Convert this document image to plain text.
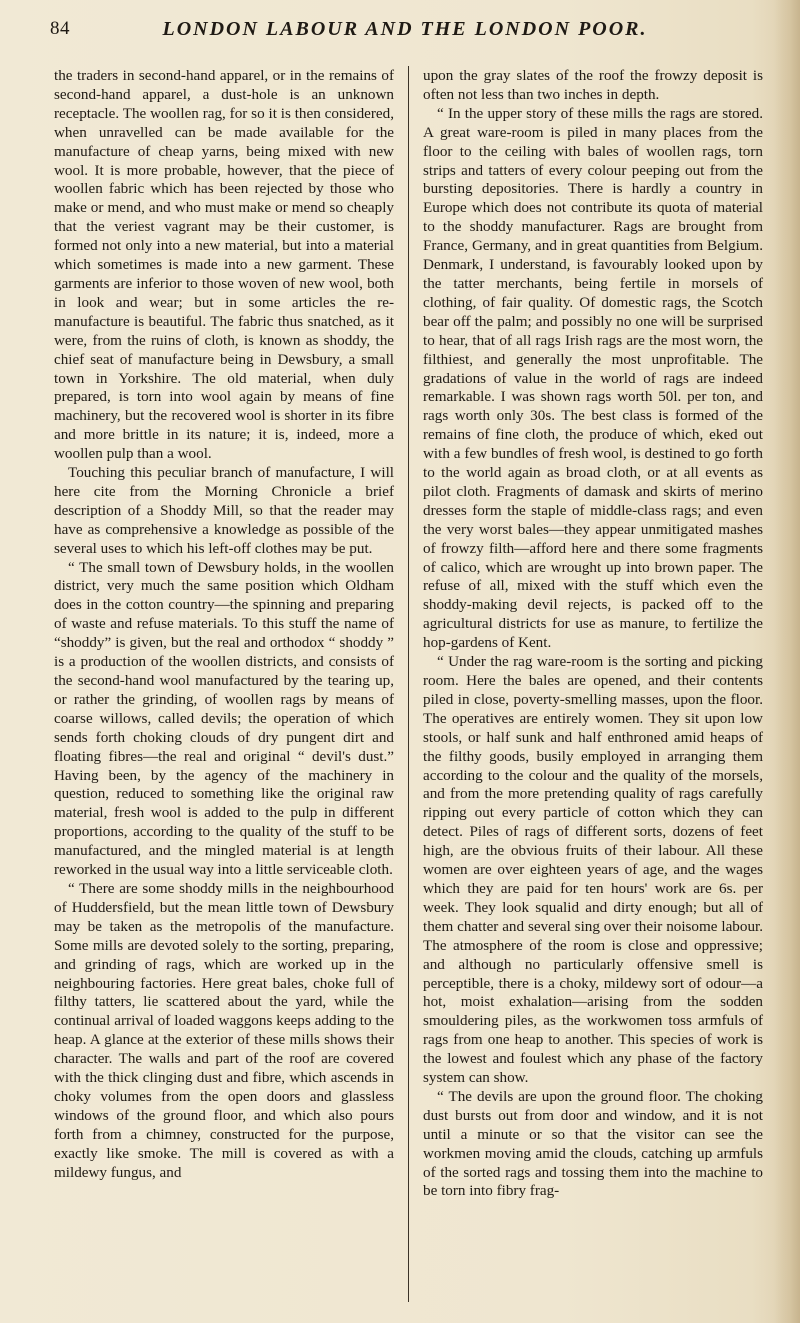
84	LONDON LABOUR AND THE LONDON POOR.

the traders in second-hand apparel, or in the remains of second-hand apparel, a dust-hole is an unknown receptacle. The woollen rag, for so it is then considered, when unravelled can be made available for the manufacture of cheap yarns, being mixed with new wool. It is more probable, however, that the piece of woollen fabric which has been rejected by those who make or mend, and who must make or mend so cheaply that the veriest vagrant may be their customer, is formed not only into a new material, but into a material which sometimes is made into a new garment. These garments are inferior to those woven of new wool, both in look and wear; but in some articles the re-manufacture is beautiful. The fabric thus snatched, as it were, from the ruins of cloth, is known as shoddy, the chief seat of manufacture being in Dewsbury, a small town in Yorkshire. The old material, when duly prepared, is torn into wool again by means of fine machinery, but the recovered wool is shorter in its fibre and more brittle in its nature; it is, indeed, more a woollen pulp than a wool.

Touching this peculiar branch of manufacture, I will here cite from the Morning Chronicle a brief description of a Shoddy Mill, so that the reader may have as comprehensive a knowledge as possible of the several uses to which his left-off clothes may be put.

“ The small town of Dewsbury holds, in the woollen district, very much the same position which Oldham does in the cotton country—the spinning and preparing of waste and refuse materials. To this stuff the name of “shoddy” is given, but the real and orthodox “ shoddy ” is a production of the woollen districts, and consists of the second-hand wool manufactured by the tearing up, or rather the grinding, of woollen rags by means of coarse willows, called devils; the operation of which sends forth choking clouds of dry pungent dirt and floating fibres—the real and original “ devil's dust.” Having been, by the agency of the machinery in question, reduced to something like the original raw material, fresh wool is added to the pulp in different proportions, according to the quality of the stuff to be manufactured, and the mingled material is at length reworked in the usual way into a little serviceable cloth.

“ There are some shoddy mills in the neighbourhood of Huddersfield, but the mean little town of Dewsbury may be taken as the metropolis of the manufacture. Some mills are devoted solely to the sorting, preparing, and grinding of rags, which are worked up in the neighbouring factories. Here great bales, choke full of filthy tatters, lie scattered about the yard, while the continual arrival of loaded waggons keeps adding to the heap. A glance at the exterior of these mills shows their character. The walls and part of the roof are covered with the thick clinging dust and fibre, which ascends in choky volumes from the open doors and glassless windows of the ground floor, and which also pours forth from a chimney, constructed for the purpose, exactly like smoke. The mill is covered as with a mildewy fungus, and

upon the gray slates of the roof the frowzy deposit is often not less than two inches in depth.

“ In the upper story of these mills the rags are stored. A great ware-room is piled in many places from the floor to the ceiling with bales of woollen rags, torn strips and tatters of every colour peeping out from the bursting depositories. There is hardly a country in Europe which does not contribute its quota of material to the shoddy manufacturer. Rags are brought from France, Germany, and in great quantities from Belgium. Denmark, I understand, is favourably looked upon by the tatter merchants, being fertile in morsels of clothing, of fair quality. Of domestic rags, the Scotch bear off the palm; and possibly no one will be surprised to hear, that of all rags Irish rags are the most worn, the filthiest, and generally the most unprofitable. The gradations of value in the world of rags are indeed remarkable. I was shown rags worth 50l. per ton, and rags worth only 30s. The best class is formed of the remains of fine cloth, the produce of which, eked out with a few bundles of fresh wool, is destined to go forth to the world again as broad cloth, or at all events as pilot cloth. Fragments of damask and skirts of merino dresses form the staple of middle-class rags; and even the very worst bales—they appear unmitigated mashes of frowzy filth—afford here and there some fragments of calico, which are wrought up into brown paper. The refuse of all, mixed with the stuff which even the shoddy-making devil rejects, is packed off to the agricultural districts for use as manure, to fertilize the hop-gardens of Kent.

“ Under the rag ware-room is the sorting and picking room. Here the bales are opened, and their contents piled in close, poverty-smelling masses, upon the floor. The operatives are entirely women. They sit upon low stools, or half sunk and half enthroned amid heaps of the filthy goods, busily employed in arranging them according to the colour and the quality of the morsels, and from the more pretending quality of rags carefully ripping out every particle of cotton which they can detect. Piles of rags of different sorts, dozens of feet high, are the obvious fruits of their labour. All these women are over eighteen years of age, and the wages which they are paid for ten hours' work are 6s. per week. They look squalid and dirty enough; but all of them chatter and several sing over their noisome labour. The atmosphere of the room is close and oppressive; and although no particularly offensive smell is perceptible, there is a choky, mildewy sort of odour—a hot, moist exhalation—arising from the sodden smouldering piles, as the workwomen toss armfuls of rags from one heap to another. This species of work is the lowest and foulest which any phase of the factory system can show.

“ The devils are upon the ground floor. The choking dust bursts out from door and window, and it is not until a minute or so that the visitor can see the workmen moving amid the clouds, catching up armfuls of the sorted rags and tossing them into the machine to be torn into fibry frag-
